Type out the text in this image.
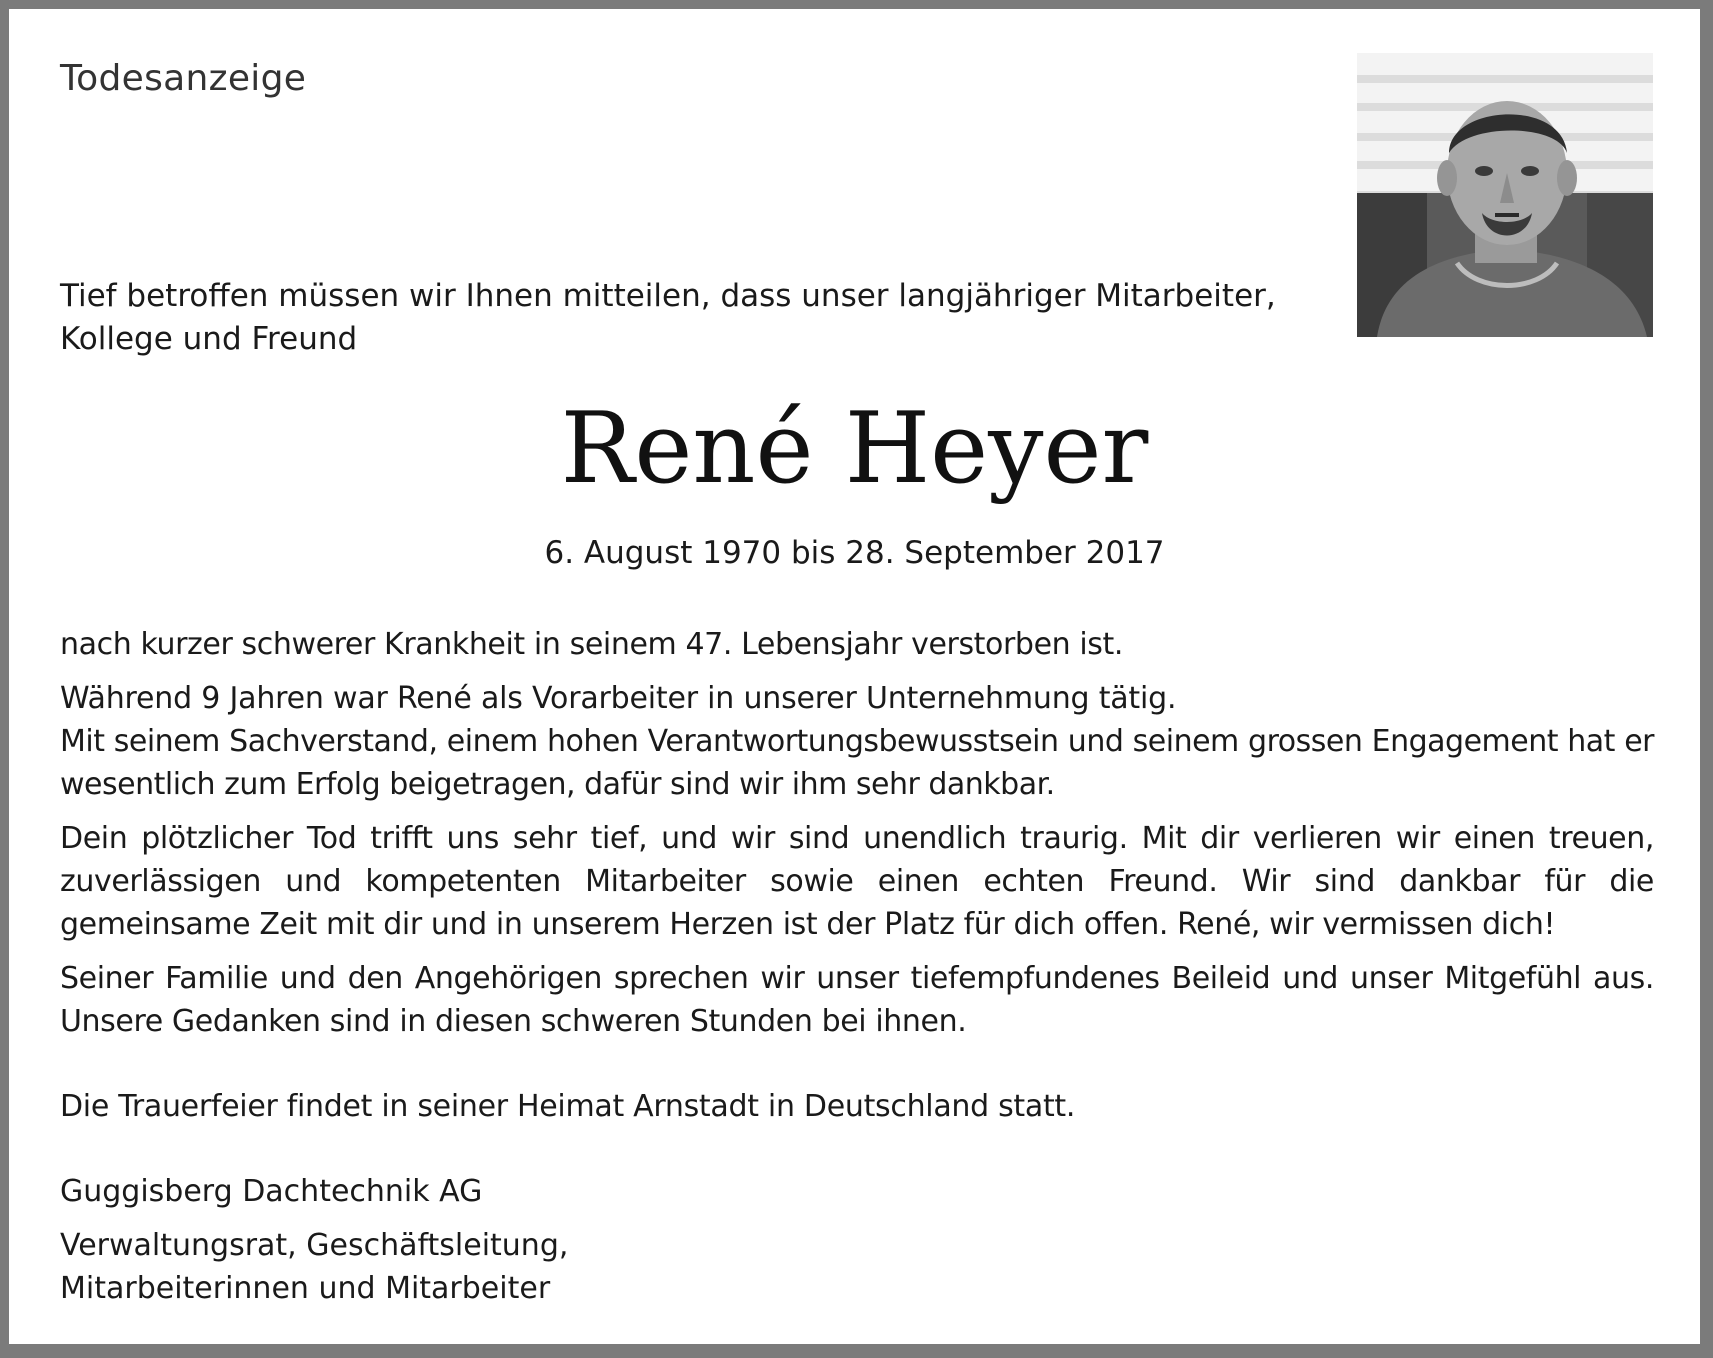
Todesanzeige
Tief betroffen müssen wir Ihnen mitteilen, dass unser langjähriger Mitarbeiter, Kollege und Freund
René Heyer
6. August 1970 bis 28. September 2017

nach kurzer schwerer Krankheit in seinem 47. Lebensjahr verstorben ist.

Während 9 Jahren war René als Vorarbeiter in unserer Unternehmung tätig.

Mit seinem Sachverstand, einem hohen Verantwortungsbewusstsein und seinem grossen Engagement hat er wesentlich zum Erfolg beigetragen, dafür sind wir ihm sehr dankbar.

Dein plötzlicher Tod trifft uns sehr tief, und wir sind unendlich traurig. Mit dir verlieren wir einen treuen, zuverlässigen und kompetenten Mitarbeiter sowie einen echten Freund. Wir sind dankbar für die gemeinsame Zeit mit dir und in unserem Herzen ist der Platz für dich offen. René, wir vermissen dich!

Seiner Familie und den Angehörigen sprechen wir unser tiefempfundenes Beileid und unser Mitgefühl aus. Unsere Gedanken sind in diesen schweren Stunden bei ihnen.

Die Trauerfeier findet in seiner Heimat Arnstadt in Deutschland statt.

Guggisberg Dachtechnik AG

Verwaltungsrat, Geschäftsleitung,

Mitarbeiterinnen und Mitarbeiter
